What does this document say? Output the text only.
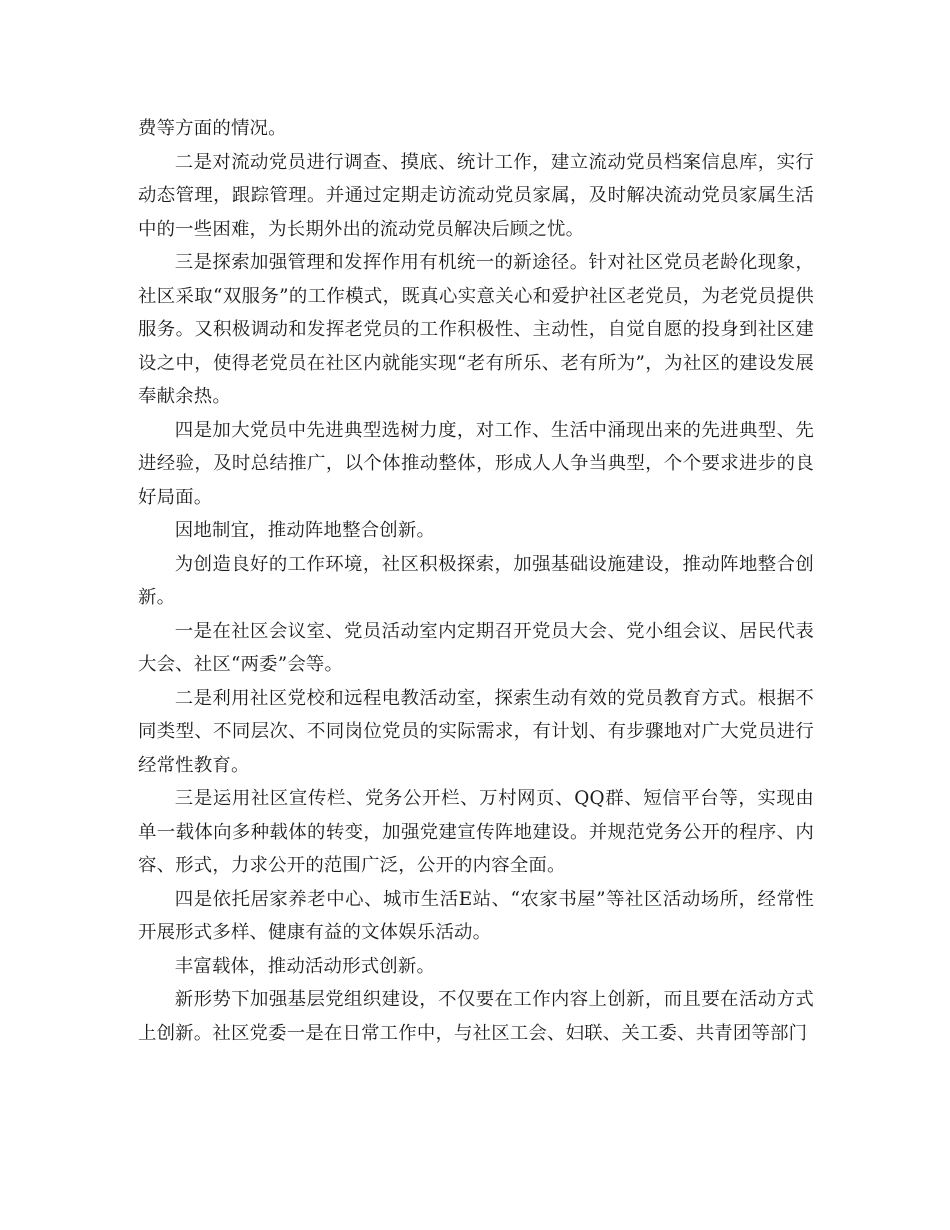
费等方面的情况。

二是对流动党员进行调查、摸底、统计工作，建立流动党员档案信息库，实行动态管理，跟踪管理。并通过定期走访流动党员家属，及时解决流动党员家属生活中的一些困难，为长期外出的流动党员解决后顾之忧。

三是探索加强管理和发挥作用有机统一的新途径。针对社区党员老龄化现象，社区采取“双服务”的工作模式，既真心实意关心和爱护社区老党员，为老党员提供服务。又积极调动和发挥老党员的工作积极性、主动性，自觉自愿的投身到社区建设之中，使得老党员在社区内就能实现“老有所乐、老有所为”，为社区的建设发展奉献余热。

四是加大党员中先进典型选树力度，对工作、生活中涌现出来的先进典型、先进经验，及时总结推广，以个体推动整体，形成人人争当典型，个个要求进步的良好局面。

因地制宜，推动阵地整合创新。

为创造良好的工作环境，社区积极探索，加强基础设施建设，推动阵地整合创新。

一是在社区会议室、党员活动室内定期召开党员大会、党小组会议、居民代表大会、社区“两委”会等。

二是利用社区党校和远程电教活动室，探索生动有效的党员教育方式。根据不同类型、不同层次、不同岗位党员的实际需求，有计划、有步骤地对广大党员进行经常性教育。

三是运用社区宣传栏、党务公开栏、万村网页、QQ群、短信平台等，实现由单一载体向多种载体的转变，加强党建宣传阵地建设。并规范党务公开的程序、内容、形式，力求公开的范围广泛，公开的内容全面。

四是依托居家养老中心、城市生活E站、“农家书屋”等社区活动场所，经常性开展形式多样、健康有益的文体娱乐活动。

丰富载体，推动活动形式创新。

新形势下加强基层党组织建设，不仅要在工作内容上创新，而且要在活动方式上创新。社区党委一是在日常工作中，与社区工会、妇联、关工委、共青团等部门
